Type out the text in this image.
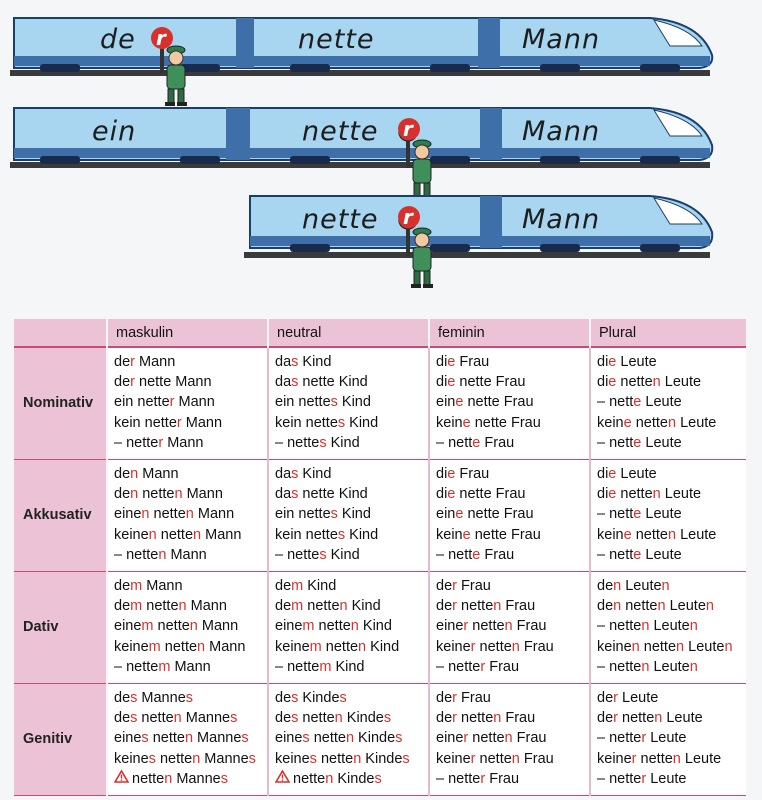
de	nette	Mann
r
ein	nette	Mann
r
nette	Mann
r
	maskulin	neutral	feminin	Plural
Nominativ	der Mann
der nette Mann
ein netter Mann
kein netter Mann
– netter Mann	das Kind
das nette Kind
ein nettes Kind
kein nettes Kind
– nettes Kind	die Frau
die nette Frau
eine nette Frau
keine nette Frau
– nette Frau	die Leute
die netten Leute
– nette Leute
keine netten Leute
– nette Leute

Akkusativ	den Mann
den netten Mann
einen netten Mann
keinen netten Mann
– netten Mann	das Kind
das nette Kind
ein nettes Kind
kein nettes Kind
– nettes Kind	die Frau
die nette Frau
eine nette Frau
keine nette Frau
– nette Frau	die Leute
die netten Leute
– nette Leute
keine netten Leute
– nette Leute

Dativ	dem Mann
dem netten Mann
einem netten Mann
keinem netten Mann
– nettem Mann	dem Kind
dem netten Kind
einem netten Kind
keinem netten Kind
– nettem Kind	der Frau
der netten Frau
einer netten Frau
keiner netten Frau
– netter Frau	den Leuten
den netten Leuten
– netten Leuten
keinen netten Leuten
– netten Leuten

Genitiv	des Mannes
des netten Mannes
eines netten Mannes
keines netten Mannes
netten Mannes	des Kindes
des netten Kindes
eines netten Kindes
keines netten Kindes
netten Kindes	der Frau
der netten Frau
einer netten Frau
keiner netten Frau
– netter Frau	der Leute
der netten Leute
– netter Leute
keiner netten Leute
– netter Leute
